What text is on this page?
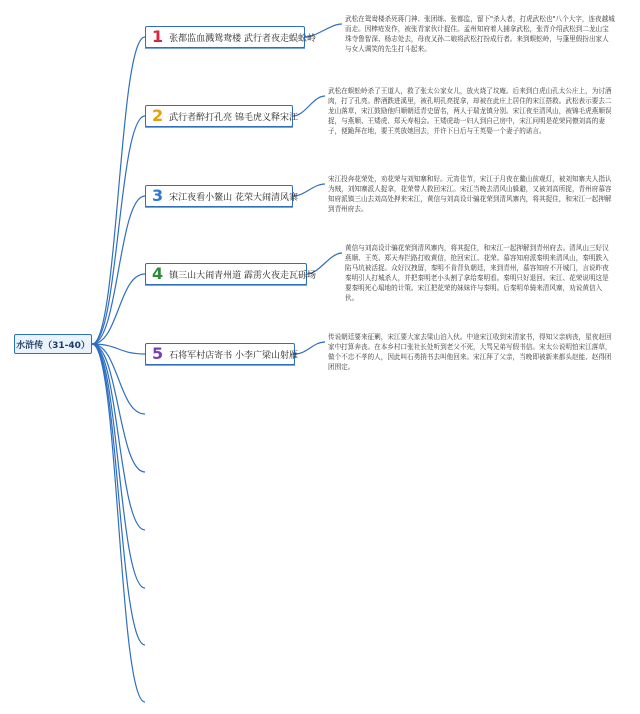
水浒传（31-40）
1 张都监血溅鸳鸯楼 武行者夜走蜈蚣岭
武松在鸳鸯楼杀死蒋门神、张团练、张都监，留下"杀人者，打虎武松也"八个大字，连夜越城而走。因棒疮发作，被张青家伙计捉住。孟州知府着人捕拿武松，张青介绍武松到二龙山宝珠寺鲁智深、杨志处去，母夜叉孙二娘将武松打扮成行者。来到蜈蚣岭，与蓬里假扮出家人与女人调笑的先生打斗起来。
2 武行者醉打孔亮 锦毛虎义释宋江
武松在蜈蚣岭杀了王道人，救了张太公家女儿，放火烧了坟庵。后来到白虎山孔太公庄上，为讨酒肉，打了孔亮。醉酒跌进溪里，被孔明孔亮捉拿，却被在此庄上居住的宋江搭救。武松表示要去二龙山落草，宋江鼓励他归顺朝廷青史留名，两人于瑞龙镇分别。宋江夜至清风山，被锦毛虎燕顺误捉，与燕顺、王矮虎、郑天寿相会。王矮虎劫一妇人到自己房中，宋江问明是花荣同僚刘高的妻子，便跪拜在地，要王英放她回去，并许下日后与王英娶一个妻子的诺言。
3 宋江夜看小鳌山 花荣大闹清风寨
宋江投奔花荣处，劝花荣与刘知寨和好。元宵佳节，宋江于月夜在鳌山前观灯，被刘知寨夫人指认为贼，刘知寨派人捉拿，花荣带人救回宋江。宋江当晚去清风山躲避，又被刘高所捉，青州府慕容知府派镇三山去刘高处押来宋江，黄信与刘高设计骗花荣到清风寨内，将其捉住，和宋江一起押解到青州府去。
4 镇三山大闹青州道 霹雳火夜走瓦砾场
黄信与刘高设计骗花荣到清风寨内，将其捉住，和宋江一起押解到青州府去。清风山三好汉燕顺、王英、郑天寿拦路打败黄信，抢回宋江、花荣。慕容知府派秦明来清风山，秦明跌入陷马坑被活捉。众好汉拽留，秦明不肯背负朝廷，来到青州，慕容知府不开城门，言说昨夜秦明引人打城杀人，并把秦明老小头割了拿给秦明看。秦明只好退回。宋江、花荣说明这是要秦明死心塌地的计策。宋江把花荣的妹妹许与秦明。后秦明单骑来清风寨，劝说黄信入伙。
5 石将军村店寄书 小李广梁山射雁
传说朝廷要来征剿，宋江要大家去梁山泊入伙。中途宋江收到宋清家书，得知父亲病丧，星夜赶回家中打算奔丧。在本乡村口张社长处听到老父不死，大骂兄弟写假书信。宋太公说明怕宋江落草，做个不忠不孝的人，因此叫石勇捎书去叫他回来。宋江拜了父亲，当晚即被新来都头赵能、赵得团团围定。
